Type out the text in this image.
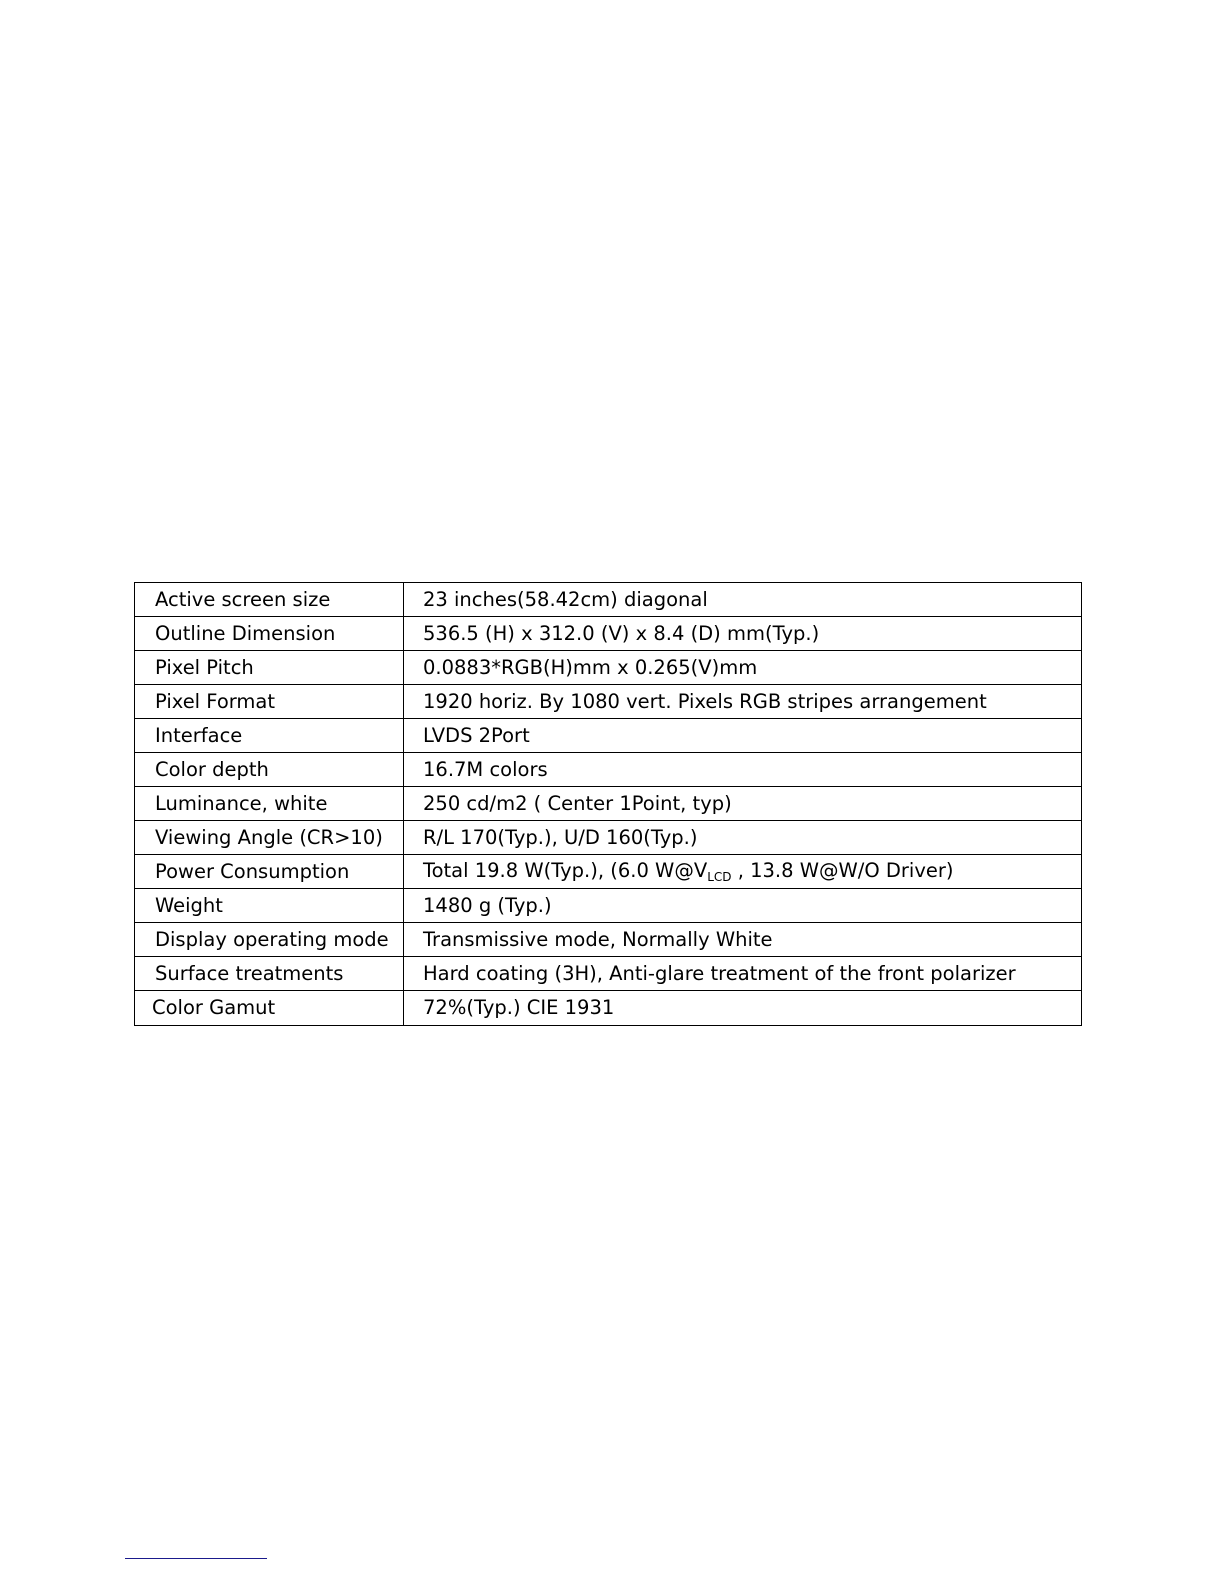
Active screen size	23 inches(58.42cm) diagonal
Outline Dimension	536.5 (H) x 312.0 (V) x 8.4 (D) mm(Typ.)
Pixel Pitch	0.0883*RGB(H)mm x 0.265(V)mm
Pixel Format	1920 horiz. By 1080 vert. Pixels RGB stripes arrangement
Interface	LVDS 2Port
Color depth	16.7M colors
Luminance, white	250 cd/m2 ( Center 1Point, typ)
Viewing Angle (CR>10)	R/L 170(Typ.), U/D 160(Typ.)
Power Consumption	Total 19.8 W(Typ.), (6.0 $W@V_{LCD}$ , 13.8 W@W/O Driver)
Weight	1480 g (Typ.)
Display operating mode	Transmissive mode, Normally White
Surface treatments	Hard coating (3H), Anti-glare treatment of the front polarizer
Color Gamut	72%(Typ.) CIE 1931
